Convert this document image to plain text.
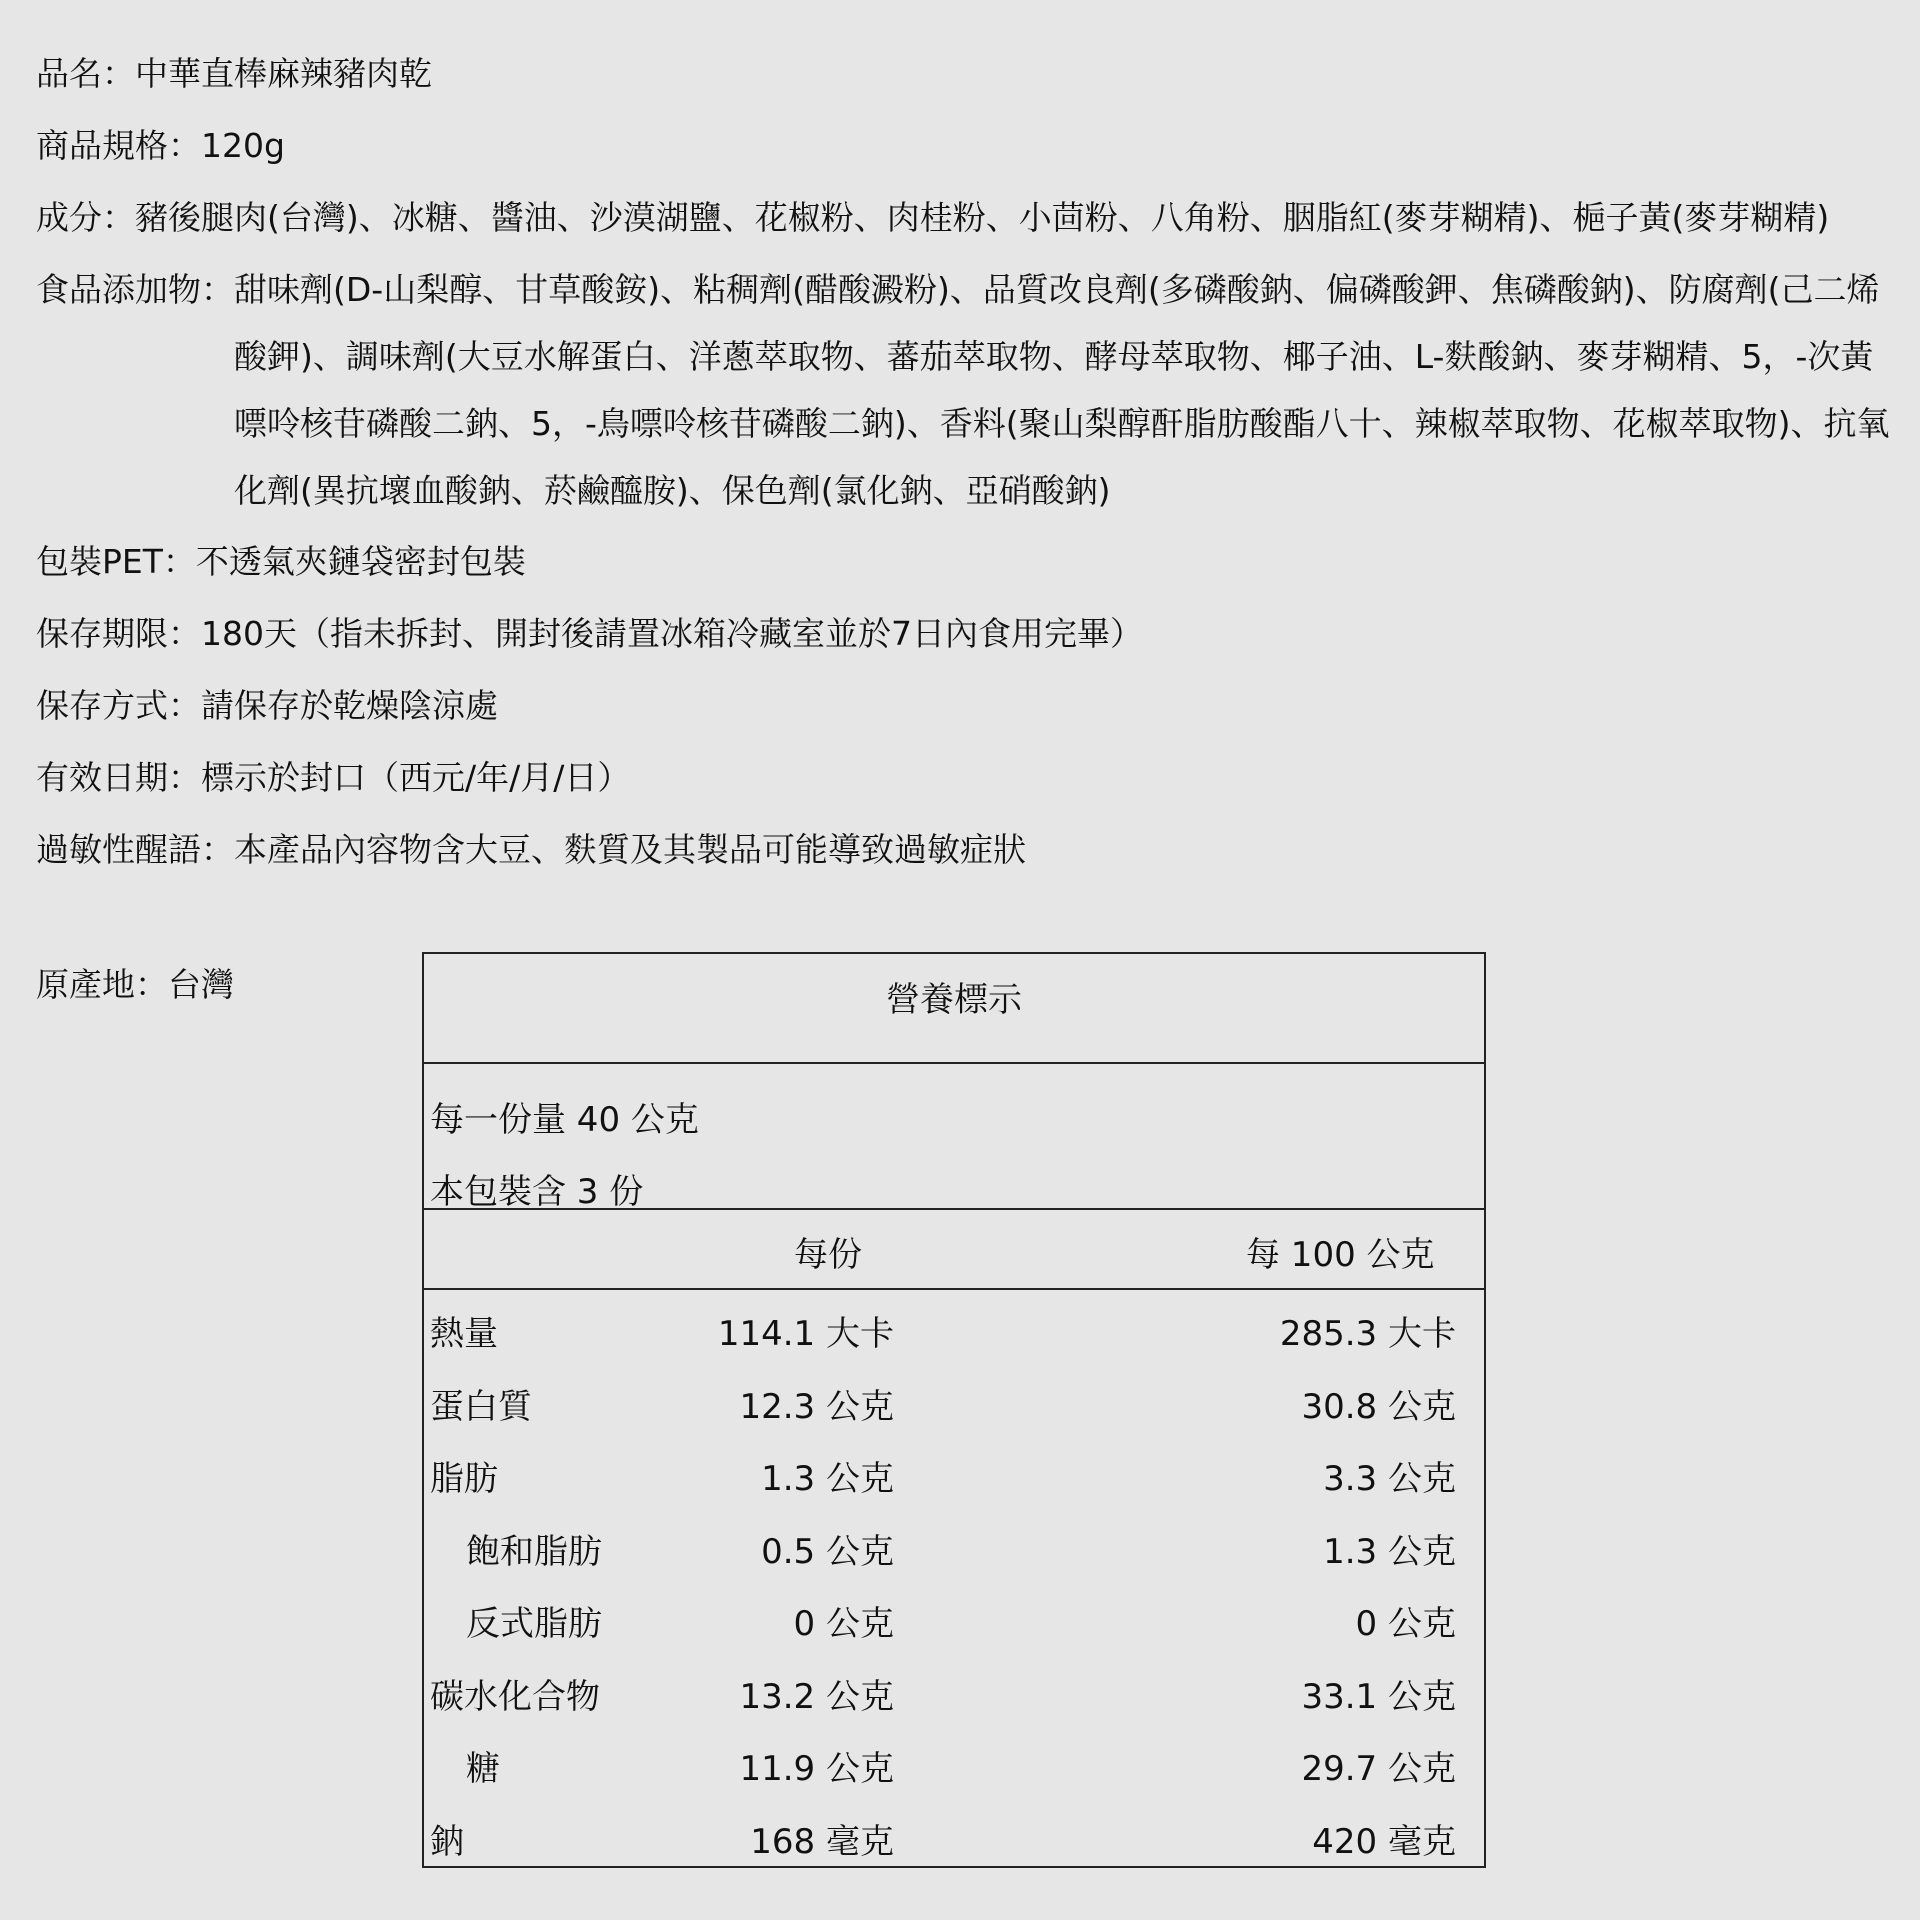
品名： 中華直棒麻辣豬肉乾
商品規格： 120g
成分： 豬後腿肉(台灣)、冰糖、醬油、沙漠湖鹽、花椒粉、肉桂粉、小茴粉、八角粉、胭脂紅(麥芽糊精)、梔子黃(麥芽糊精)
食品添加物： 甜味劑(D-山梨醇、甘草酸銨)、粘稠劑(醋酸澱粉)、品質改良劑(多磷酸鈉、偏磷酸鉀、焦磷酸鈉)、防腐劑(己二烯酸鉀)、調味劑(大豆水解蛋白、洋蔥萃取物、蕃茄萃取物、酵母萃取物、椰子油、L-麩酸鈉、麥芽糊精、5，-次黃嘌呤核苷磷酸二鈉、5，-鳥嘌呤核苷磷酸二鈉)、香料(聚山梨醇酐脂肪酸酯八十、辣椒萃取物、花椒萃取物)、抗氧化劑(異抗壞血酸鈉、菸鹼醯胺)、保色劑(氯化鈉、亞硝酸鈉)
包裝PET： 不透氣夾鏈袋密封包裝
保存期限： 180天（指未拆封、開封後請置冰箱冷藏室並於7日內食用完畢）
保存方式： 請保存於乾燥陰涼處
有效日期： 標示於封口（西元/年/月/日）
過敏性醒語： 本產品內容物含大豆、麩質及其製品可能導致過敏症狀
原產地：台灣	營養標示
每一份量 40 公克
本包裝含 3 份
每份	每 100 公克
熱量	114.1 大卡	285.3 大卡
蛋白質	12.3 公克	30.8 公克
脂肪	1.3 公克	3.3 公克
飽和脂肪	0.5 公克	1.3 公克
反式脂肪	0 公克	0 公克
碳水化合物	13.2 公克	33.1 公克
糖	11.9 公克	29.7 公克
鈉	168 毫克	420 毫克
